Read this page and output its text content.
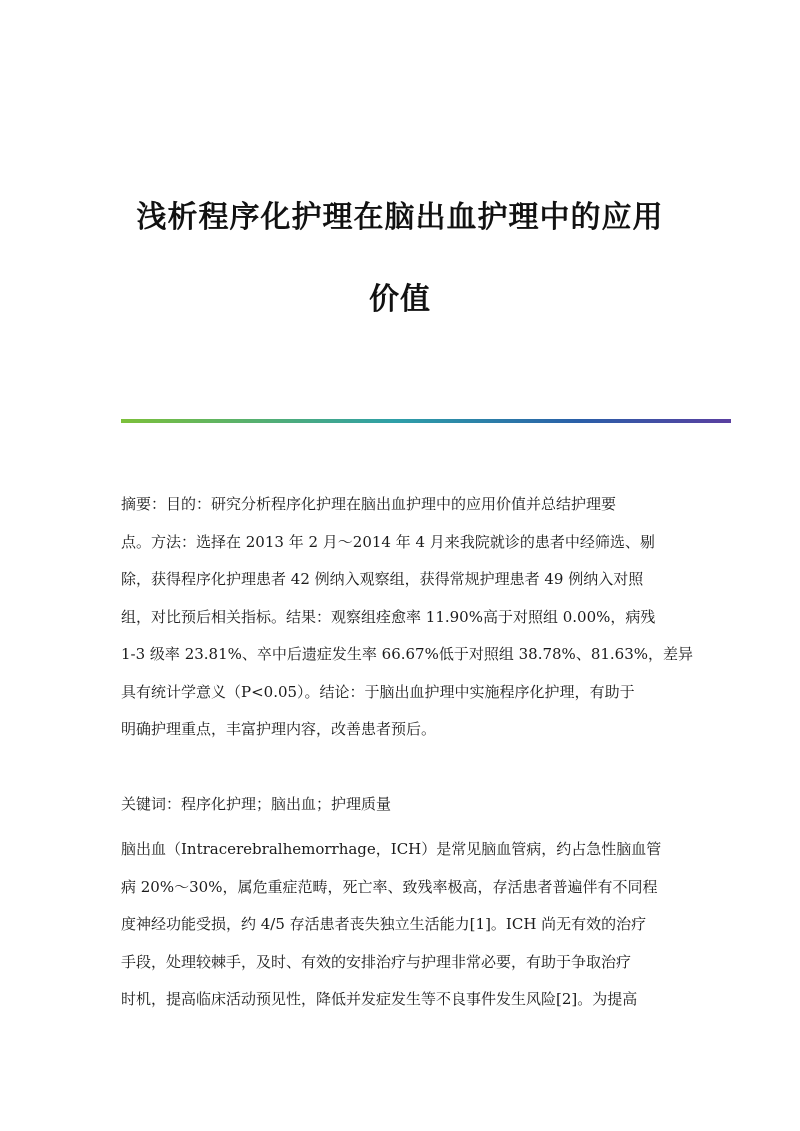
浅析程序化护理在脑出血护理中的应用
价值
摘要：目的：研究分析程序化护理在脑出血护理中的应用价值并总结护理要
点。方法：选择在 2013 年 2 月～2014 年 4 月来我院就诊的患者中经筛选、剔
除，获得程序化护理患者 42 例纳入观察组，获得常规护理患者 49 例纳入对照
组，对比预后相关指标。结果：观察组痊愈率 11.90%高于对照组 0.00%，病残
1-3 级率 23.81%、卒中后遗症发生率 66.67%低于对照组 38.78%、81.63%，差异
具有统计学意义（P<0.05）。结论：于脑出血护理中实施程序化护理，有助于
明确护理重点，丰富护理内容，改善患者预后。

关键词：程序化护理；脑出血；护理质量

脑出血（Intracerebralhemorrhage，ICH）是常见脑血管病，约占急性脑血管
病 20%～30%，属危重症范畴，死亡率、致残率极高，存活患者普遍伴有不同程
度神经功能受损，约 4/5 存活患者丧失独立生活能力[1]。ICH 尚无有效的治疗
手段，处理较棘手，及时、有效的安排治疗与护理非常必要，有助于争取治疗
时机，提高临床活动预见性，降低并发症发生等不良事件发生风险[2]。为提高
